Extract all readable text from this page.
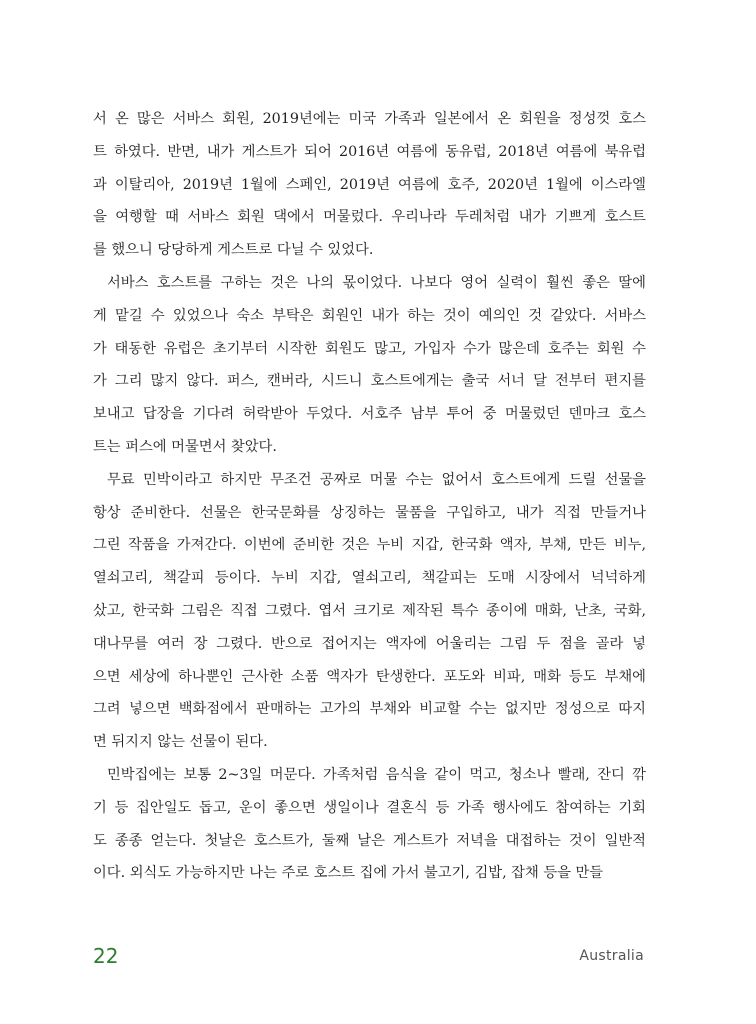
서 온 많은 서바스 회원, 2019년에는 미국 가족과 일본에서 온 회원을 정성껏 호스
트 하였다. 반면, 내가 게스트가 되어 2016년 여름에 동유럽, 2018년 여름에 북유럽
과 이탈리아, 2019년 1월에 스페인, 2019년 여름에 호주, 2020년 1월에 이스라엘
을 여행할 때 서바스 회원 댁에서 머물렀다. 우리나라 두레처럼 내가 기쁘게 호스트
를 했으니 당당하게 게스트로 다닐 수 있었다.
서바스 호스트를 구하는 것은 나의 몫이었다. 나보다 영어 실력이 훨씬 좋은 딸에
게 맡길 수 있었으나 숙소 부탁은 회원인 내가 하는 것이 예의인 것 같았다. 서바스
가 태동한 유럽은 초기부터 시작한 회원도 많고, 가입자 수가 많은데 호주는 회원 수
가 그리 많지 않다. 퍼스, 캔버라, 시드니 호스트에게는 출국 서너 달 전부터 편지를
보내고 답장을 기다려 허락받아 두었다. 서호주 남부 투어 중 머물렀던 덴마크 호스
트는 퍼스에 머물면서 찾았다.
무료 민박이라고 하지만 무조건 공짜로 머물 수는 없어서 호스트에게 드릴 선물을
항상 준비한다. 선물은 한국문화를 상징하는 물품을 구입하고, 내가 직접 만들거나
그린 작품을 가져간다. 이번에 준비한 것은 누비 지갑, 한국화 액자, 부채, 만든 비누,
열쇠고리, 책갈피 등이다. 누비 지갑, 열쇠고리, 책갈피는 도매 시장에서 넉넉하게
샀고, 한국화 그림은 직접 그렸다. 엽서 크기로 제작된 특수 종이에 매화, 난초, 국화,
대나무를 여러 장 그렸다. 반으로 접어지는 액자에 어울리는 그림 두 점을 골라 넣
으면 세상에 하나뿐인 근사한 소품 액자가 탄생한다. 포도와 비파, 매화 등도 부채에
그려 넣으면 백화점에서 판매하는 고가의 부채와 비교할 수는 없지만 정성으로 따지
면 뒤지지 않는 선물이 된다.
민박집에는 보통 2~3일 머문다. 가족처럼 음식을 같이 먹고, 청소나 빨래, 잔디 깎
기 등 집안일도 돕고, 운이 좋으면 생일이나 결혼식 등 가족 행사에도 참여하는 기회
도 종종 얻는다. 첫날은 호스트가, 둘째 날은 게스트가 저녁을 대접하는 것이 일반적
이다. 외식도 가능하지만 나는 주로 호스트 집에 가서 불고기, 김밥, 잡채 등을 만들
22	Australia
